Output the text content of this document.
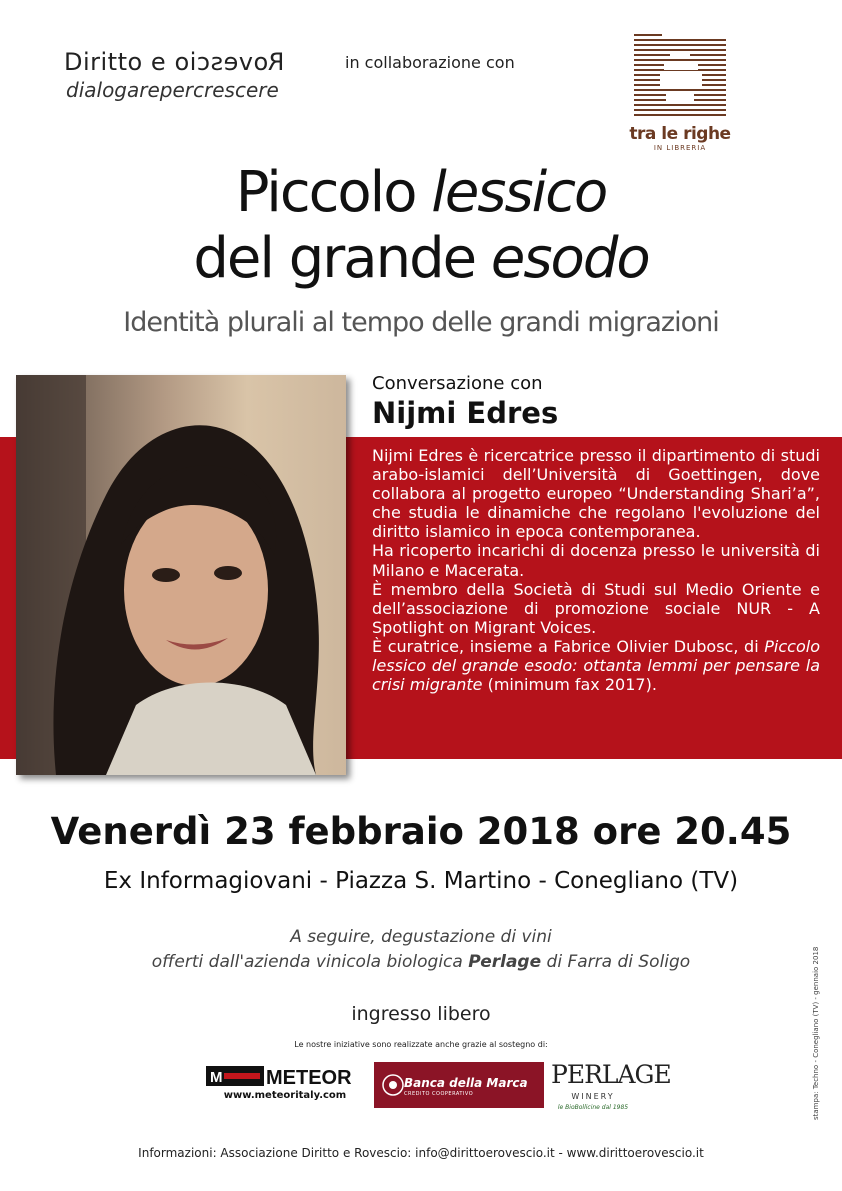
Diritto e Rovescio
dialogarepercrescere
in collaborazione con
tra le righe
IN LIBRERIA
Piccolo lessico
del grande esodo
Identità plurali al tempo delle grandi migrazioni
Conversazione con
Nijmi Edres

Nijmi Edres è ricercatrice presso il dipartimento di studi arabo-islamici dell’Università di Goettingen, dove collabora al progetto europeo “Understanding Shari’a”, che studia le dinamiche che regolano l'evoluzione del diritto islamico in epoca contemporanea.

Ha ricoperto incarichi di docenza presso le università di Milano e Macerata.

È membro della Società di Studi sul Medio Oriente e dell’associazione di promozione sociale NUR - A Spotlight on Migrant Voices.

È curatrice, insieme a Fabrice Olivier Dubosc, di Piccolo lessico del grande esodo: ottanta lemmi per pensare la crisi migrante (minimum fax 2017).

Venerdì 23 febbraio 2018 ore 20.45
Ex Informagiovani - Piazza S. Martino - Conegliano (TV)
A seguire, degustazione di vini
offerti dall'azienda vinicola biologica Perlage di Farra di Soligo
ingresso libero
Le nostre iniziative sono realizzate anche grazie al sostegno di:
M METEOR
www.meteoritaly.com
Banca della Marca
CREDITO COOPERATIVO
PERLAGE
WINERY
le BioBollicine dal 1985	stampa: Techno - Conegliano (TV) - gennaio 2018
Informazioni: Associazione Diritto e Rovescio: info@dirittoerovescio.it - www.dirittoerovescio.it
